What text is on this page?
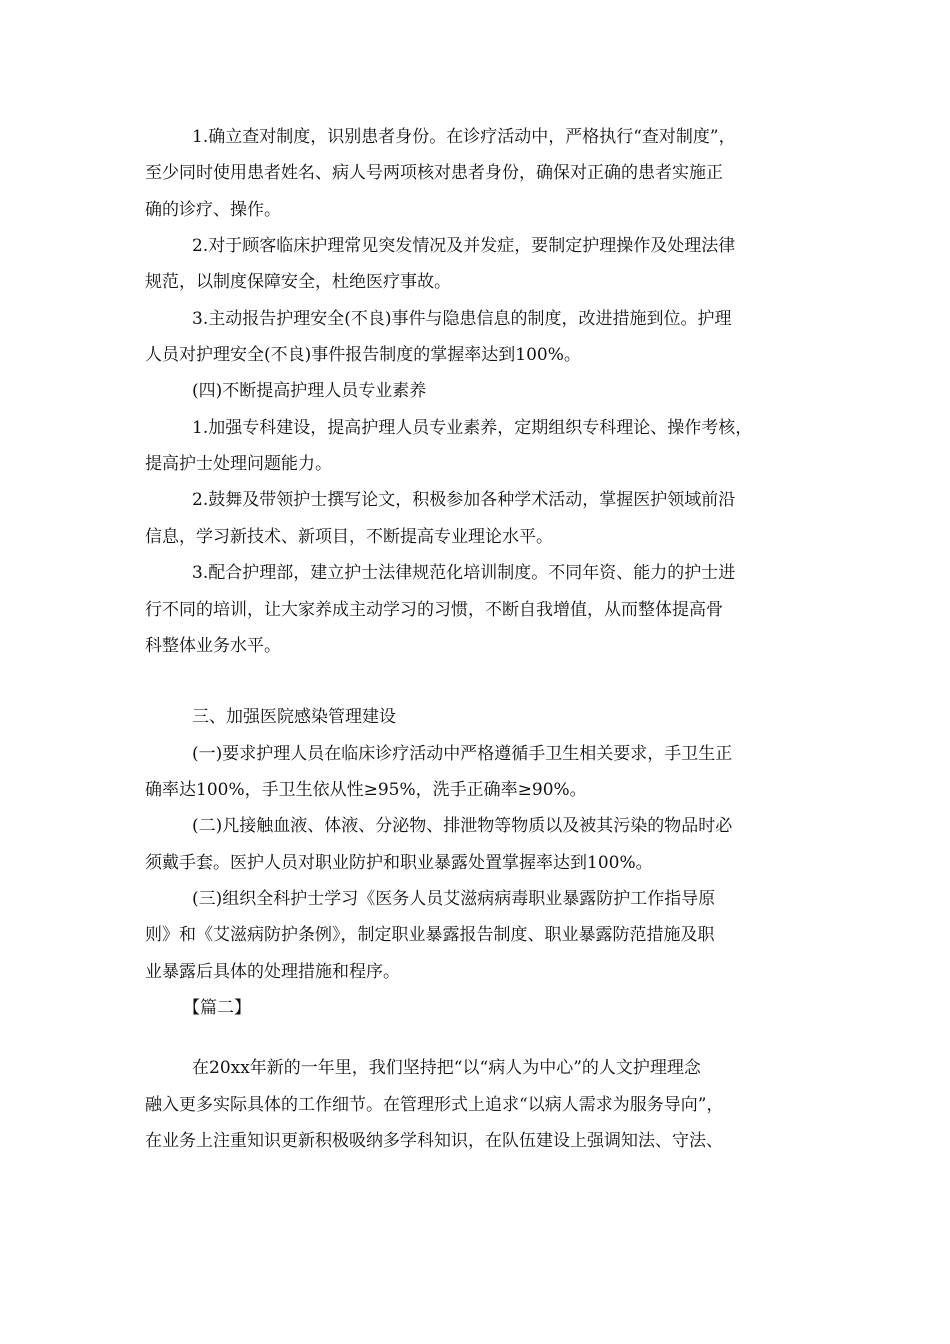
1.确立查对制度，识别患者身份。在诊疗活动中，严格执行“查对制度”，

至少同时使用患者姓名、病人号两项核对患者身份，确保对正确的患者实施正

确的诊疗、操作。

2.对于顾客临床护理常见突发情况及并发症，要制定护理操作及处理法律

规范，以制度保障安全，杜绝医疗事故。

3.主动报告护理安全(不良)事件与隐患信息的制度，改进措施到位。护理

人员对护理安全(不良)事件报告制度的掌握率达到100%。

(四)不断提高护理人员专业素养

1.加强专科建设，提高护理人员专业素养，定期组织专科理论、操作考核，

提高护士处理问题能力。

2.鼓舞及带领护士撰写论文，积极参加各种学术活动，掌握医护领域前沿

信息，学习新技术、新项目，不断提高专业理论水平。

3.配合护理部，建立护士法律规范化培训制度。不同年资、能力的护士进

行不同的培训，让大家养成主动学习的习惯，不断自我增值，从而整体提高骨

科整体业务水平。

三、加强医院感染管理建设

(一)要求护理人员在临床诊疗活动中严格遵循手卫生相关要求，手卫生正

确率达100%，手卫生依从性≥95%，洗手正确率≥90%。

(二)凡接触血液、体液、分泌物、排泄物等物质以及被其污染的物品时必

须戴手套。医护人员对职业防护和职业暴露处置掌握率达到100%。

(三)组织全科护士学习《医务人员艾滋病病毒职业暴露防护工作指导原

则》和《艾滋病防护条例》，制定职业暴露报告制度、职业暴露防范措施及职

业暴露后具体的处理措施和程序。

【篇二】

在20xx年新的一年里，我们坚持把“以“病人为中心”的人文护理理念

融入更多实际具体的工作细节。在管理形式上追求“以病人需求为服务导向”，

在业务上注重知识更新积极吸纳多学科知识，在队伍建设上强调知法、守法、
